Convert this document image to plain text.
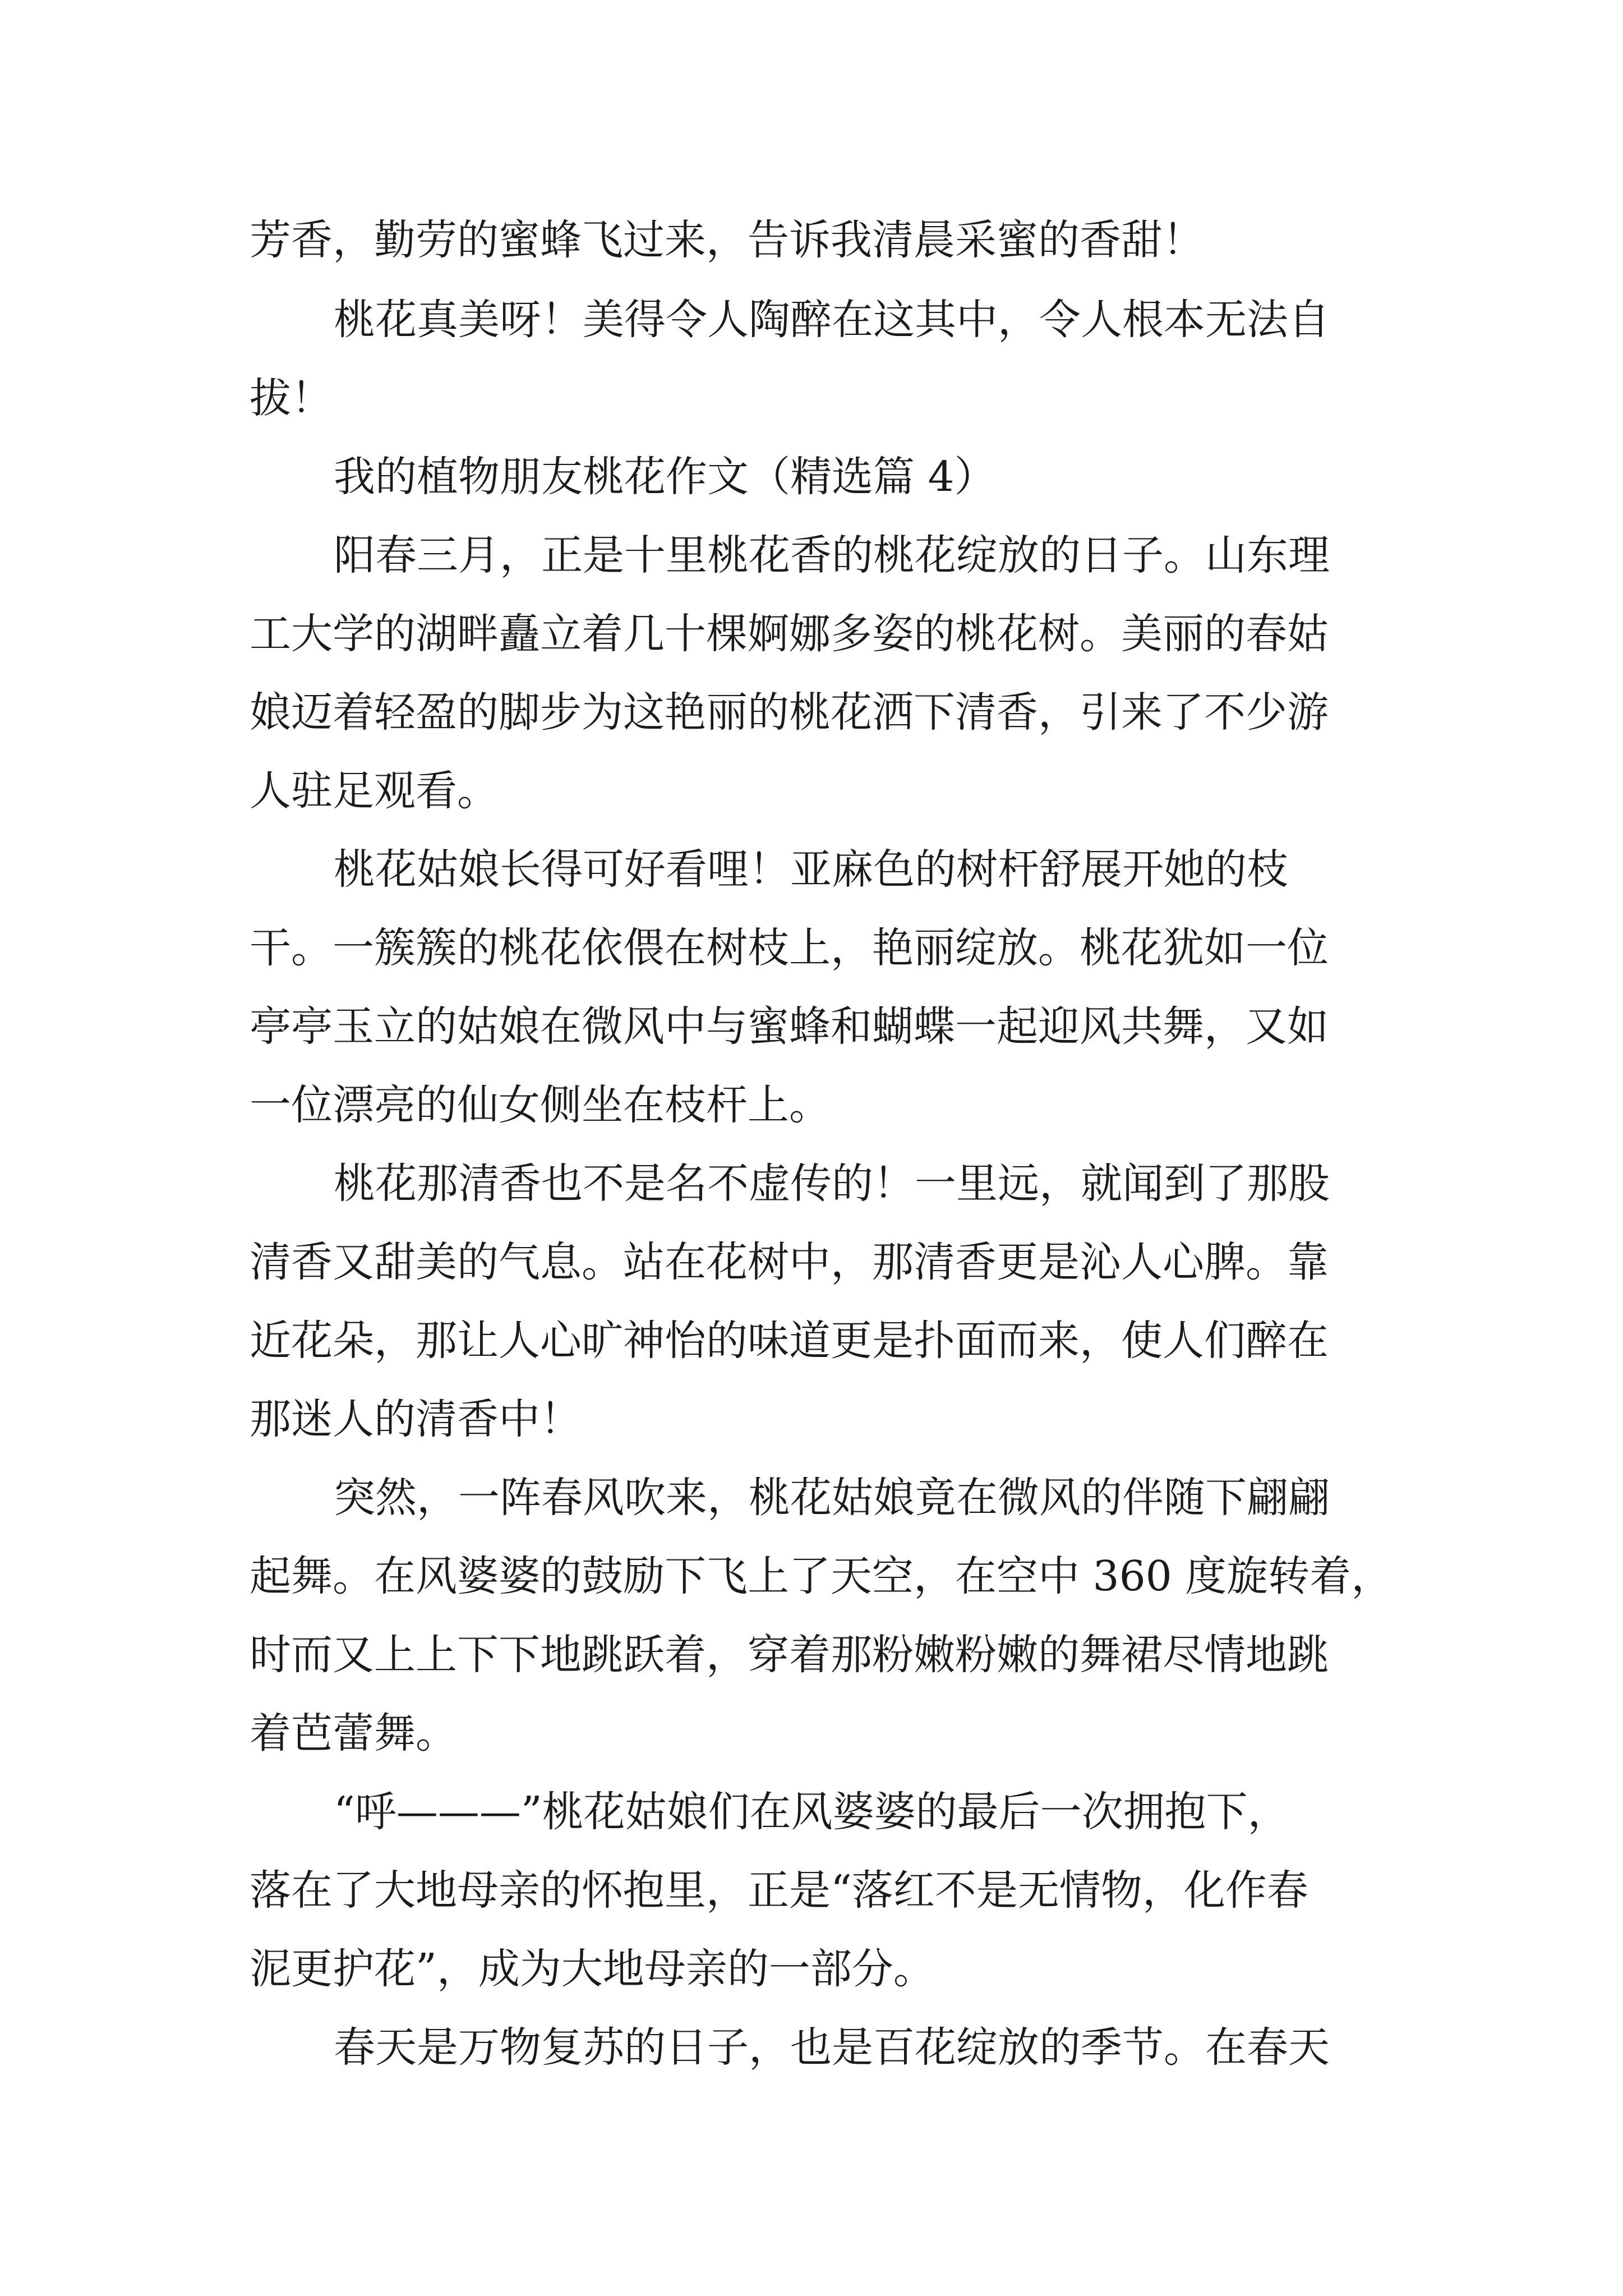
芳香，勤劳的蜜蜂飞过来，告诉我清晨采蜜的香甜！

桃花真美呀！美得令人陶醉在这其中，令人根本无法自

拔！

我的植物朋友桃花作文（精选篇 4）

阳春三月，正是十里桃花香的桃花绽放的日子。山东理

工大学的湖畔矗立着几十棵婀娜多姿的桃花树。美丽的春姑

娘迈着轻盈的脚步为这艳丽的桃花洒下清香，引来了不少游

人驻足观看。

桃花姑娘长得可好看哩！亚麻色的树杆舒展开她的枝

干。一簇簇的桃花依偎在树枝上，艳丽绽放。桃花犹如一位

亭亭玉立的姑娘在微风中与蜜蜂和蝴蝶一起迎风共舞，又如

一位漂亮的仙女侧坐在枝杆上。

桃花那清香也不是名不虚传的！一里远，就闻到了那股

清香又甜美的气息。站在花树中，那清香更是沁人心脾。靠

近花朵，那让人心旷神怡的味道更是扑面而来，使人们醉在

那迷人的清香中！

突然，一阵春风吹来，桃花姑娘竟在微风的伴随下翩翩

起舞。在风婆婆的鼓励下飞上了天空，在空中 360 度旋转着，

时而又上上下下地跳跃着，穿着那粉嫩粉嫩的舞裙尽情地跳

着芭蕾舞。

“呼———”桃花姑娘们在风婆婆的最后一次拥抱下，

落在了大地母亲的怀抱里，正是“落红不是无情物，化作春

泥更护花”，成为大地母亲的一部分。

春天是万物复苏的日子，也是百花绽放的季节。在春天
